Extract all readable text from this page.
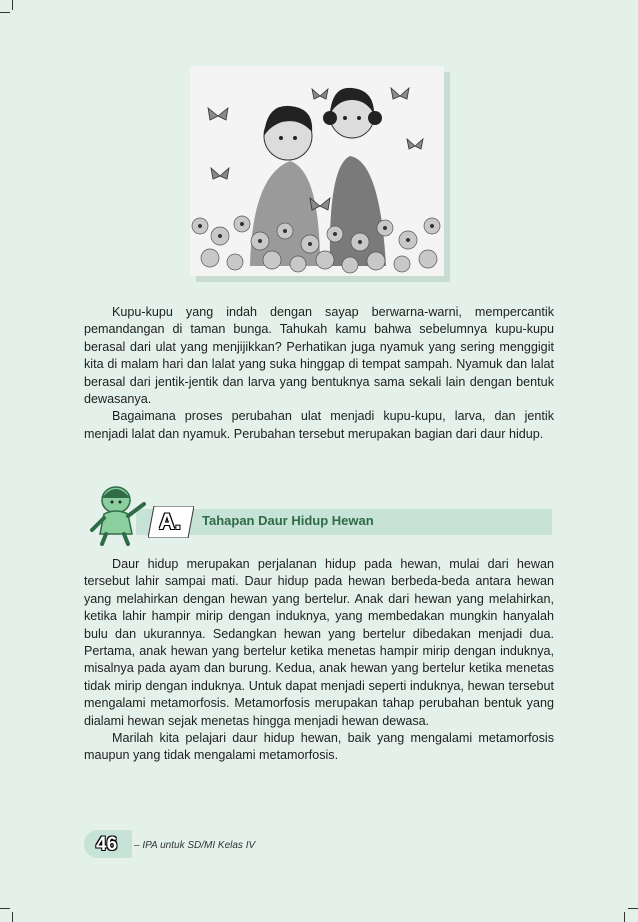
Kupu-kupu yang indah dengan sayap berwarna-warni, mempercantik pemandangan di taman bunga. Tahukah kamu bahwa sebelumnya kupu-kupu berasal dari ulat yang menjijikkan? Perhatikan juga nyamuk yang sering menggigit kita di malam hari dan lalat yang suka hinggap di tempat sampah. Nyamuk dan lalat berasal dari jentik-jentik dan larva yang bentuknya sama sekali lain dengan bentuk dewasanya.

Bagaimana proses perubahan ulat menjadi kupu-kupu, larva, dan jentik menjadi lalat dan nyamuk. Perubahan tersebut merupakan bagian dari daur hidup.

A.	Tahapan Daur Hidup Hewan

Daur hidup merupakan perjalanan hidup pada hewan, mulai dari hewan tersebut lahir sampai mati. Daur hidup pada hewan berbeda-beda antara hewan yang melahirkan dengan hewan yang bertelur. Anak dari hewan yang melahirkan, ketika lahir hampir mirip dengan induknya, yang membedakan mungkin hanyalah bulu dan ukurannya. Sedangkan hewan yang bertelur dibedakan menjadi dua. Pertama, anak hewan yang bertelur ketika menetas hampir mirip dengan induknya, misalnya pada ayam dan burung. Kedua, anak hewan yang bertelur ketika menetas tidak mirip dengan induknya. Untuk dapat menjadi seperti induknya, hewan tersebut mengalami metamorfosis. Metamorfosis merupakan tahap perubahan bentuk yang dialami hewan sejak menetas hingga menjadi hewan dewasa.

Marilah kita pelajari daur hidup hewan, baik yang mengalami metamorfosis maupun yang tidak mengalami metamorfosis.

46 – IPA untuk SD/MI Kelas IV
